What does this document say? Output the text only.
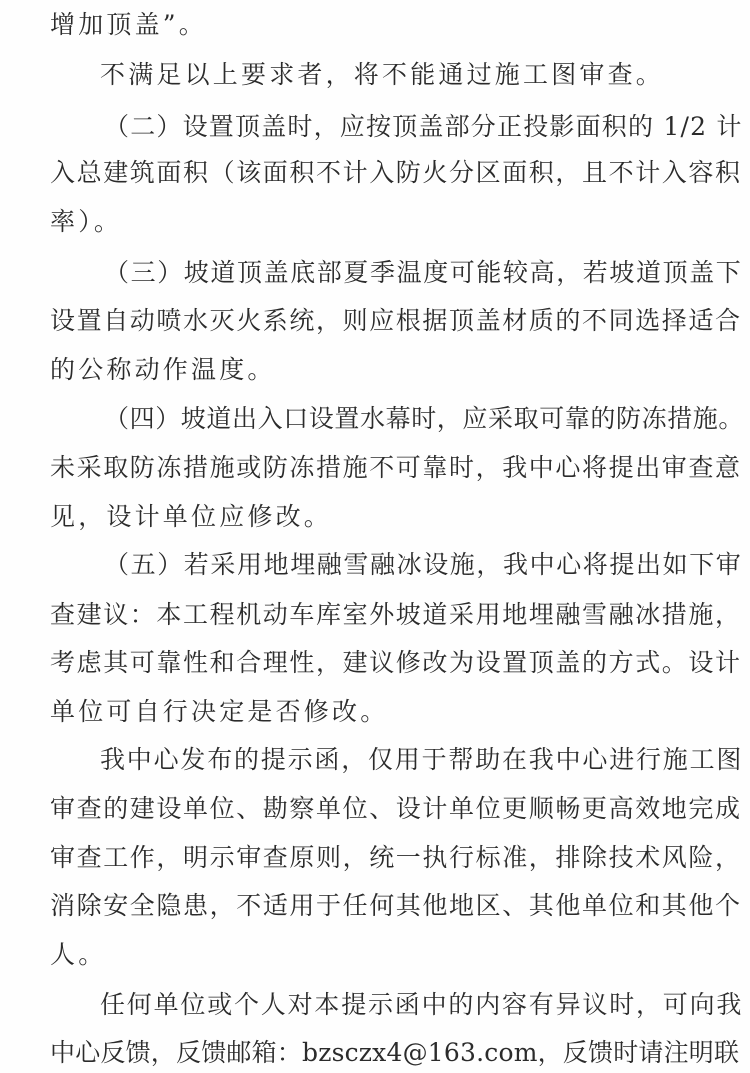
增加顶盖”。
不满足以上要求者，将不能通过施工图审查。
（二）设置顶盖时，应按顶盖部分正投影面积的 1/2 计
入总建筑面积（该面积不计入防火分区面积，且不计入容积
率）。
（三）坡道顶盖底部夏季温度可能较高，若坡道顶盖下
设置自动喷水灭火系统，则应根据顶盖材质的不同选择适合
的公称动作温度。
（四）坡道出入口设置水幕时，应采取可靠的防冻措施。
未采取防冻措施或防冻措施不可靠时，我中心将提出审查意
见，设计单位应修改。
（五）若采用地埋融雪融冰设施，我中心将提出如下审
查建议：本工程机动车库室外坡道采用地埋融雪融冰措施，
考虑其可靠性和合理性，建议修改为设置顶盖的方式。设计
单位可自行决定是否修改。
我中心发布的提示函，仅用于帮助在我中心进行施工图
审查的建设单位、勘察单位、设计单位更顺畅更高效地完成
审查工作，明示审查原则，统一执行标准，排除技术风险，
消除安全隐患，不适用于任何其他地区、其他单位和其他个
人。
任何单位或个人对本提示函中的内容有异议时，可向我
中心反馈，反馈邮箱：bzsczx4@163.com，反馈时请注明联
